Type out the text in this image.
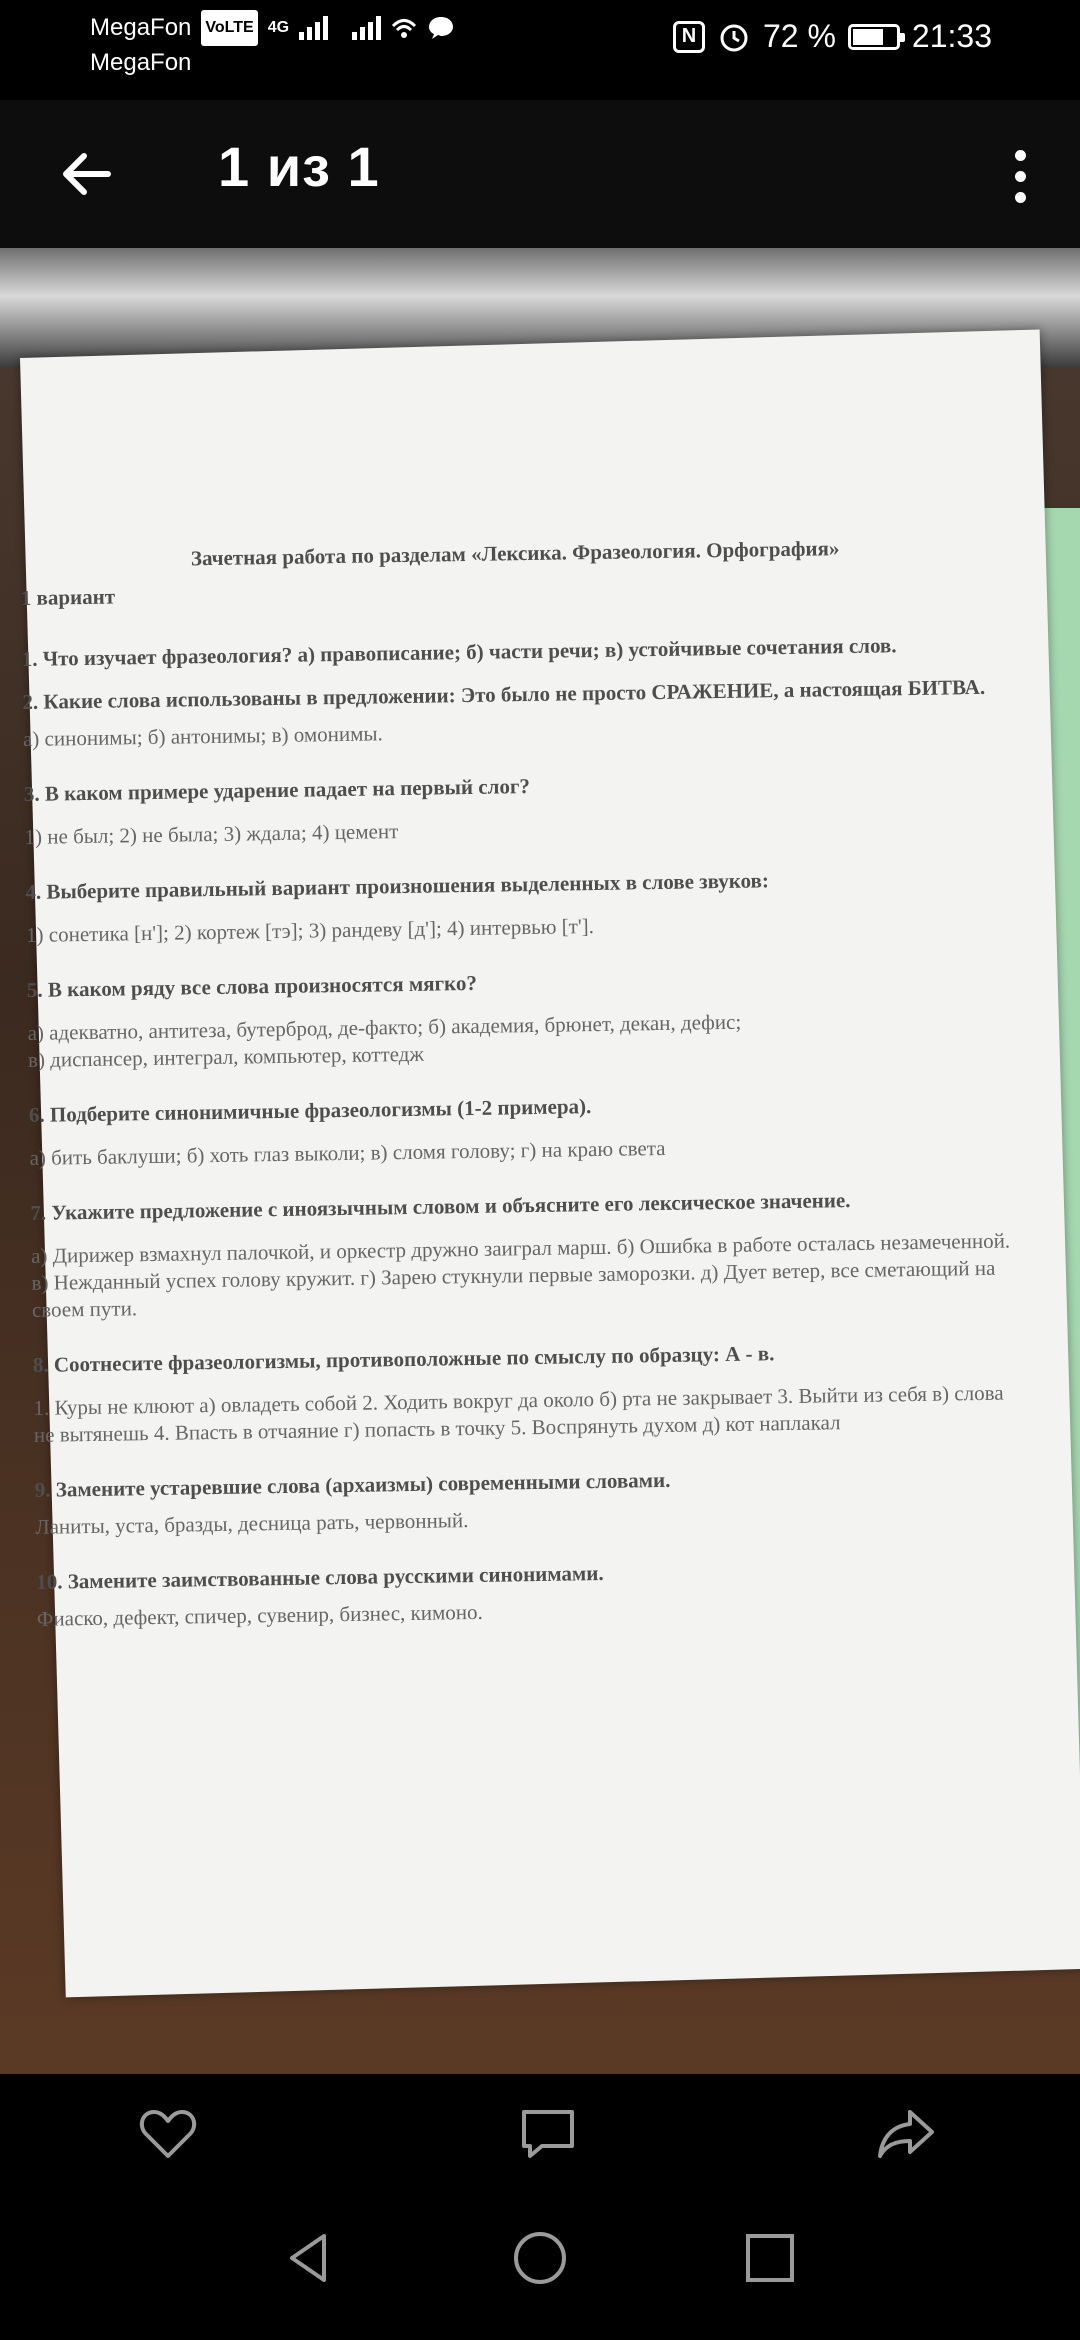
MegaFon VoLTE 4G
MegaFon
N 72 % 21:33
1 из 1

Зачетная работа по разделам «Лексика. Фразеология. Орфография»

1 вариант

1. Что изучает фразеология? а) правописание; б) части речи; в) устойчивые сочетания слов.

2. Какие слова использованы в предложении: Это было не просто СРАЖЕНИЕ, а настоящая БИТВА.

а) синонимы; б) антонимы; в) омонимы.

3. В каком примере ударение падает на первый слог?

1) не был; 2) не была; 3) ждала; 4) цемент

4. Выберите правильный вариант произношения выделенных в слове звуков:

1) сонетика [н']; 2) кортеж [тэ]; 3) рандеву [д']; 4) интервью [т'].

5. В каком ряду все слова произносятся мягко?

а) адекватно, антитеза, бутерброд, де-факто; б) академия, брюнет, декан, дефис;

в) диспансер, интеграл, компьютер, коттедж

6. Подберите синонимичные фразеологизмы (1-2 примера).

а) бить баклуши; б) хоть глаз выколи; в) сломя голову; г) на краю света

7. Укажите предложение с иноязычным словом и объясните его лексическое значение.

а) Дирижер взмахнул палочкой, и оркестр дружно заиграл марш. б) Ошибка в работе осталась незамеченной. в) Нежданный успех голову кружит. г) Зарею стукнули первые заморозки. д) Дует ветер, все сметающий на своем пути.

8. Соотнесите фразеологизмы, противоположные по смыслу по образцу: А - в.

1. Куры не клюют а) овладеть собой 2. Ходить вокруг да около б) рта не закрывает 3. Выйти из себя в) слова не вытянешь 4. Впасть в отчаяние г) попасть в точку 5. Воспрянуть духом д) кот наплакал

9. Замените устаревшие слова (архаизмы) современными словами.

Ланиты, уста, бразды, десница рать, червонный.

10. Замените заимствованные слова русскими синонимами.

Фиаско, дефект, спичер, сувенир, бизнес, кимоно.
